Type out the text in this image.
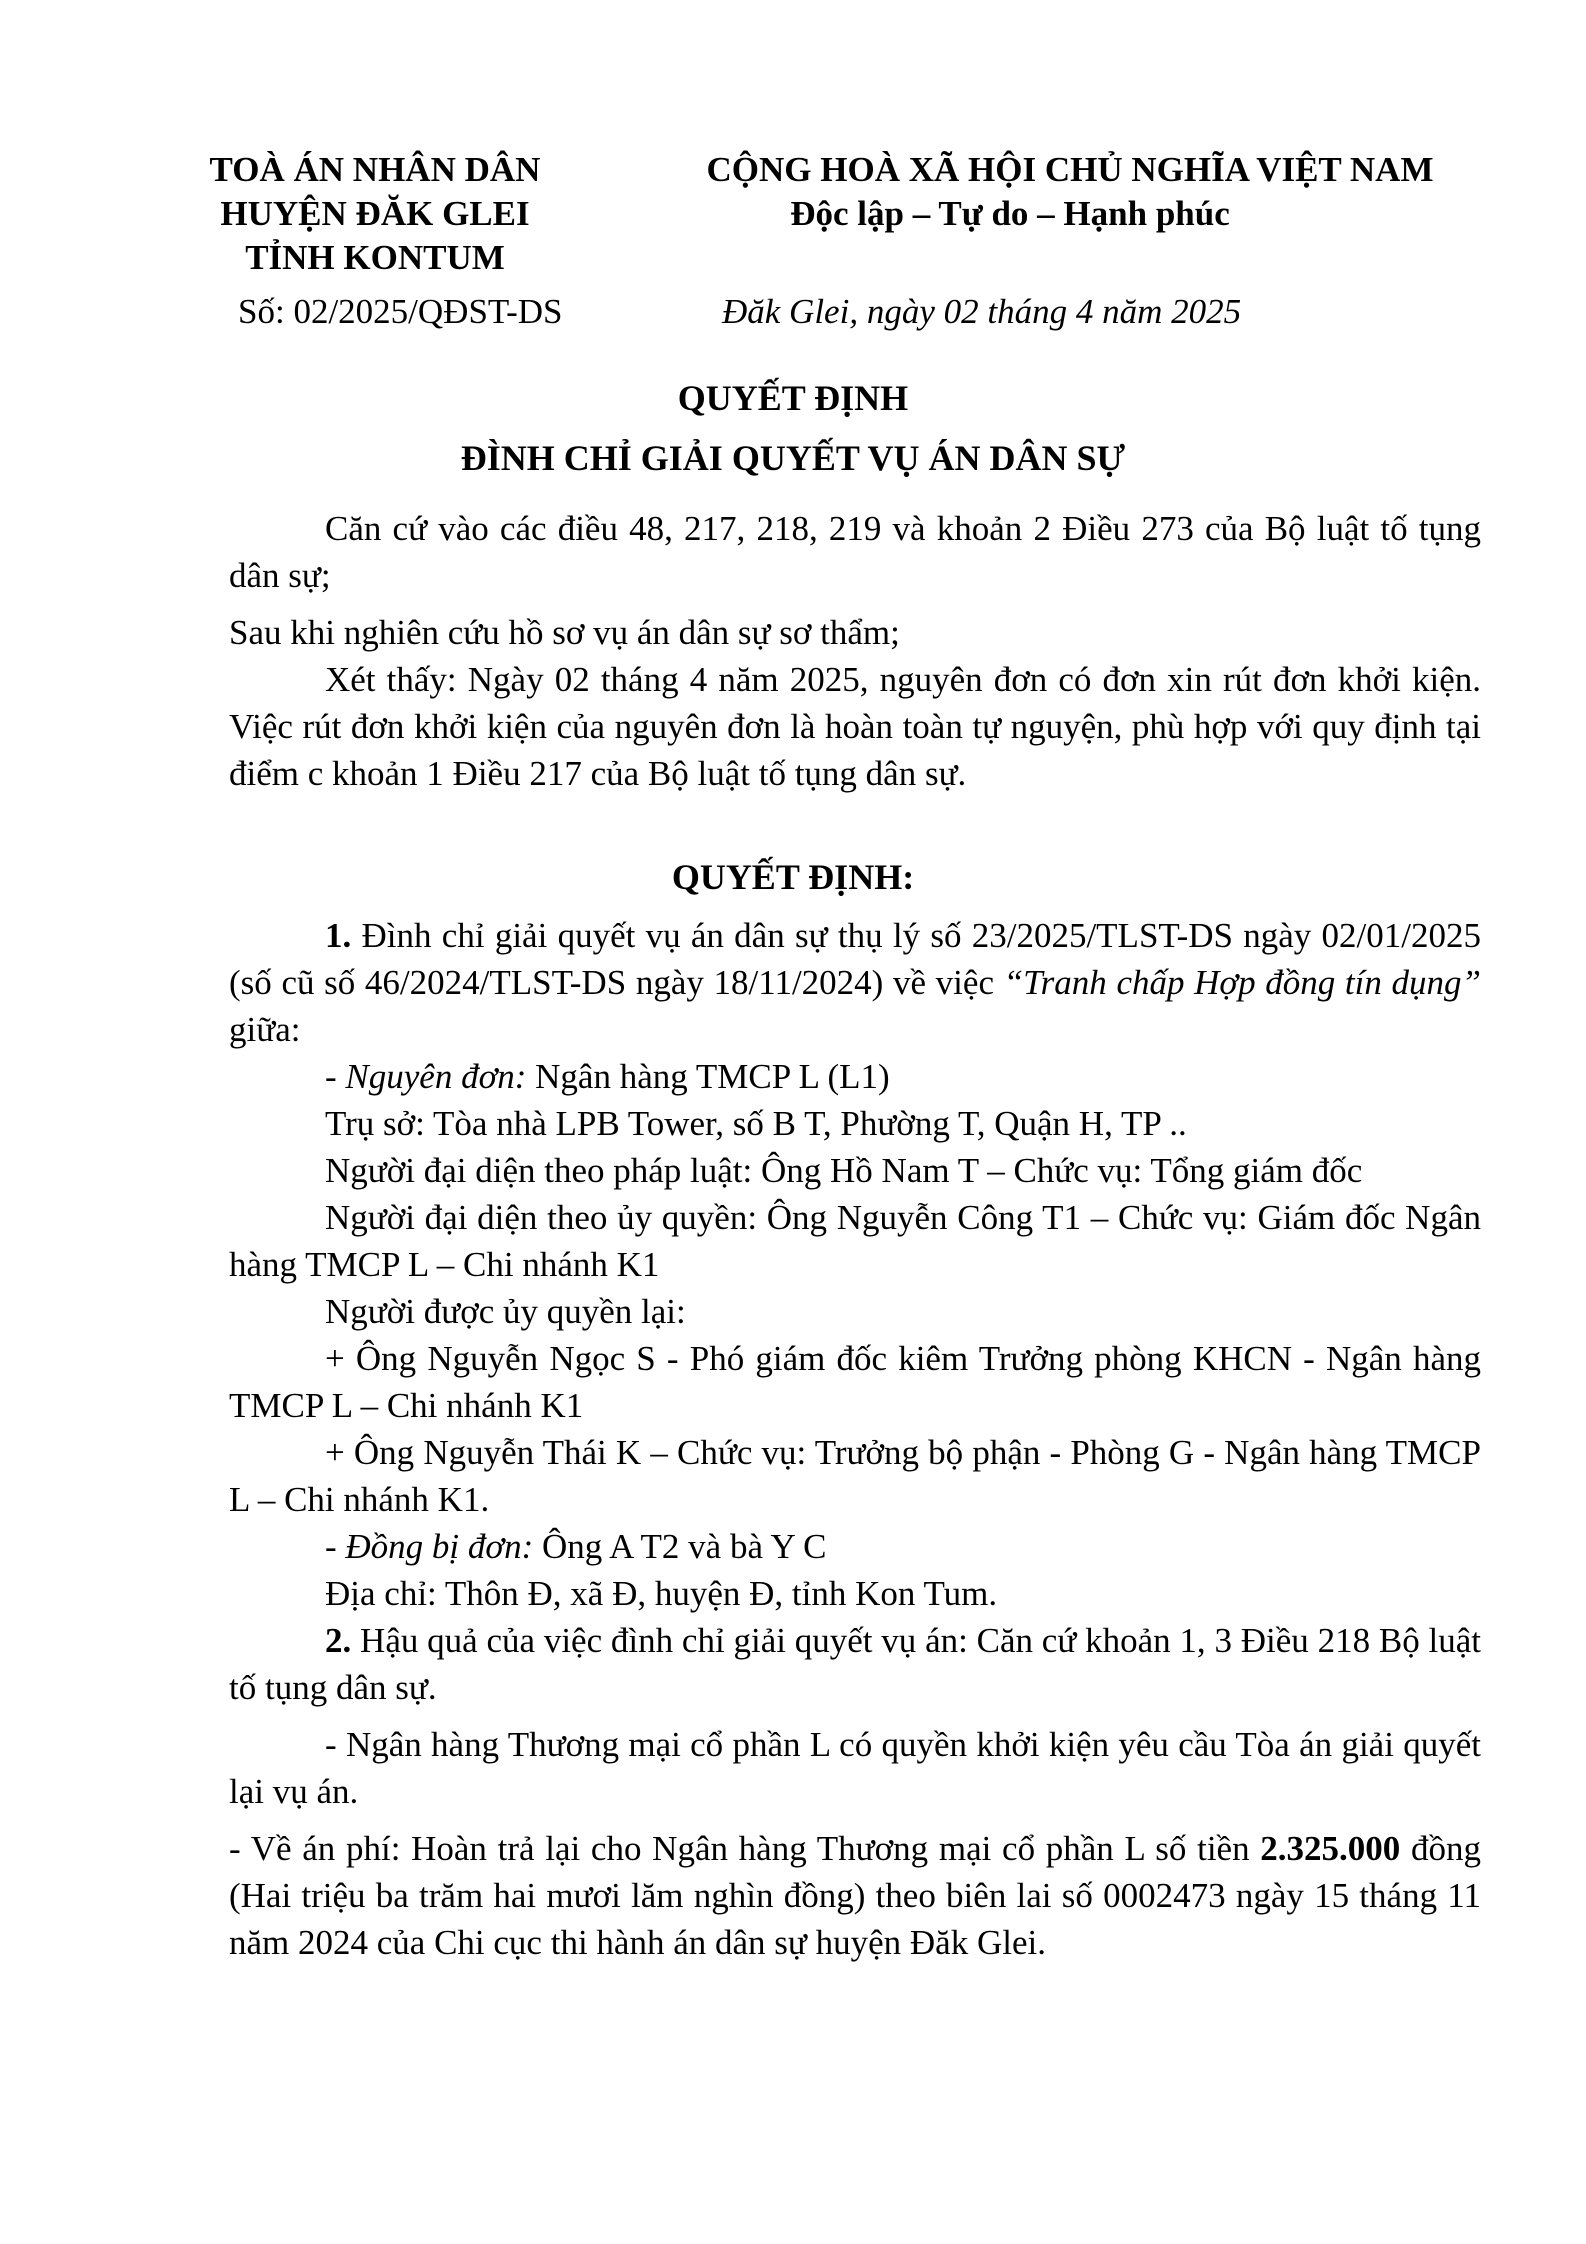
TOÀ ÁN NHÂN DÂN
HUYỆN ĐĂK GLEI
TỈNH KONTUM
CỘNG HOÀ XÃ HỘI CHỦ NGHĨA VIỆT NAM
Độc lập – Tự do – Hạnh phúc
Số: 02/2025/QĐST-DS	Đăk Glei, ngày 02 tháng 4 năm 2025
QUYẾT ĐỊNH
ĐÌNH CHỈ GIẢI QUYẾT VỤ ÁN DÂN SỰ

Căn cứ vào các điều 48, 217, 218, 219 và khoản 2 Điều 273 của Bộ luật tố tụng dân sự;

Sau khi nghiên cứu hồ sơ vụ án dân sự sơ thẩm;

Xét thấy: Ngày 02 tháng 4 năm 2025, nguyên đơn có đơn xin rút đơn khởi kiện. Việc rút đơn khởi kiện của nguyên đơn là hoàn toàn tự nguyện, phù hợp với quy định tại điểm c khoản 1 Điều 217 của Bộ luật tố tụng dân sự.

QUYẾT ĐỊNH:

1. Đình chỉ giải quyết vụ án dân sự thụ lý số 23/2025/TLST-DS ngày 02/01/2025 (số cũ số 46/2024/TLST-DS ngày 18/11/2024) về việc “Tranh chấp Hợp đồng tín dụng” giữa:

- Nguyên đơn: Ngân hàng TMCP L (L1)

Trụ sở: Tòa nhà LPB Tower, số B T, Phường T, Quận H, TP ..

Người đại diện theo pháp luật: Ông Hồ Nam T – Chức vụ: Tổng giám đốc

Người đại diện theo ủy quyền: Ông Nguyễn Công T1 – Chức vụ: Giám đốc Ngân hàng TMCP L – Chi nhánh K1

Người được ủy quyền lại:

+ Ông Nguyễn Ngọc S - Phó giám đốc kiêm Trưởng phòng KHCN - Ngân hàng TMCP L – Chi nhánh K1

+ Ông Nguyễn Thái K – Chức vụ: Trưởng bộ phận - Phòng G - Ngân hàng TMCP L – Chi nhánh K1.

- Đồng bị đơn: Ông A T2 và bà Y C

Địa chỉ: Thôn Đ, xã Đ, huyện Đ, tỉnh Kon Tum.

2. Hậu quả của việc đình chỉ giải quyết vụ án: Căn cứ khoản 1, 3 Điều 218 Bộ luật tố tụng dân sự.

- Ngân hàng Thương mại cổ phần L có quyền khởi kiện yêu cầu Tòa án giải quyết lại vụ án.

- Về án phí: Hoàn trả lại cho Ngân hàng Thương mại cổ phần L số tiền 2.325.000 đồng (Hai triệu ba trăm hai mươi lăm nghìn đồng) theo biên lai số 0002473 ngày 15 tháng 11 năm 2024 của Chi cục thi hành án dân sự huyện Đăk Glei.
